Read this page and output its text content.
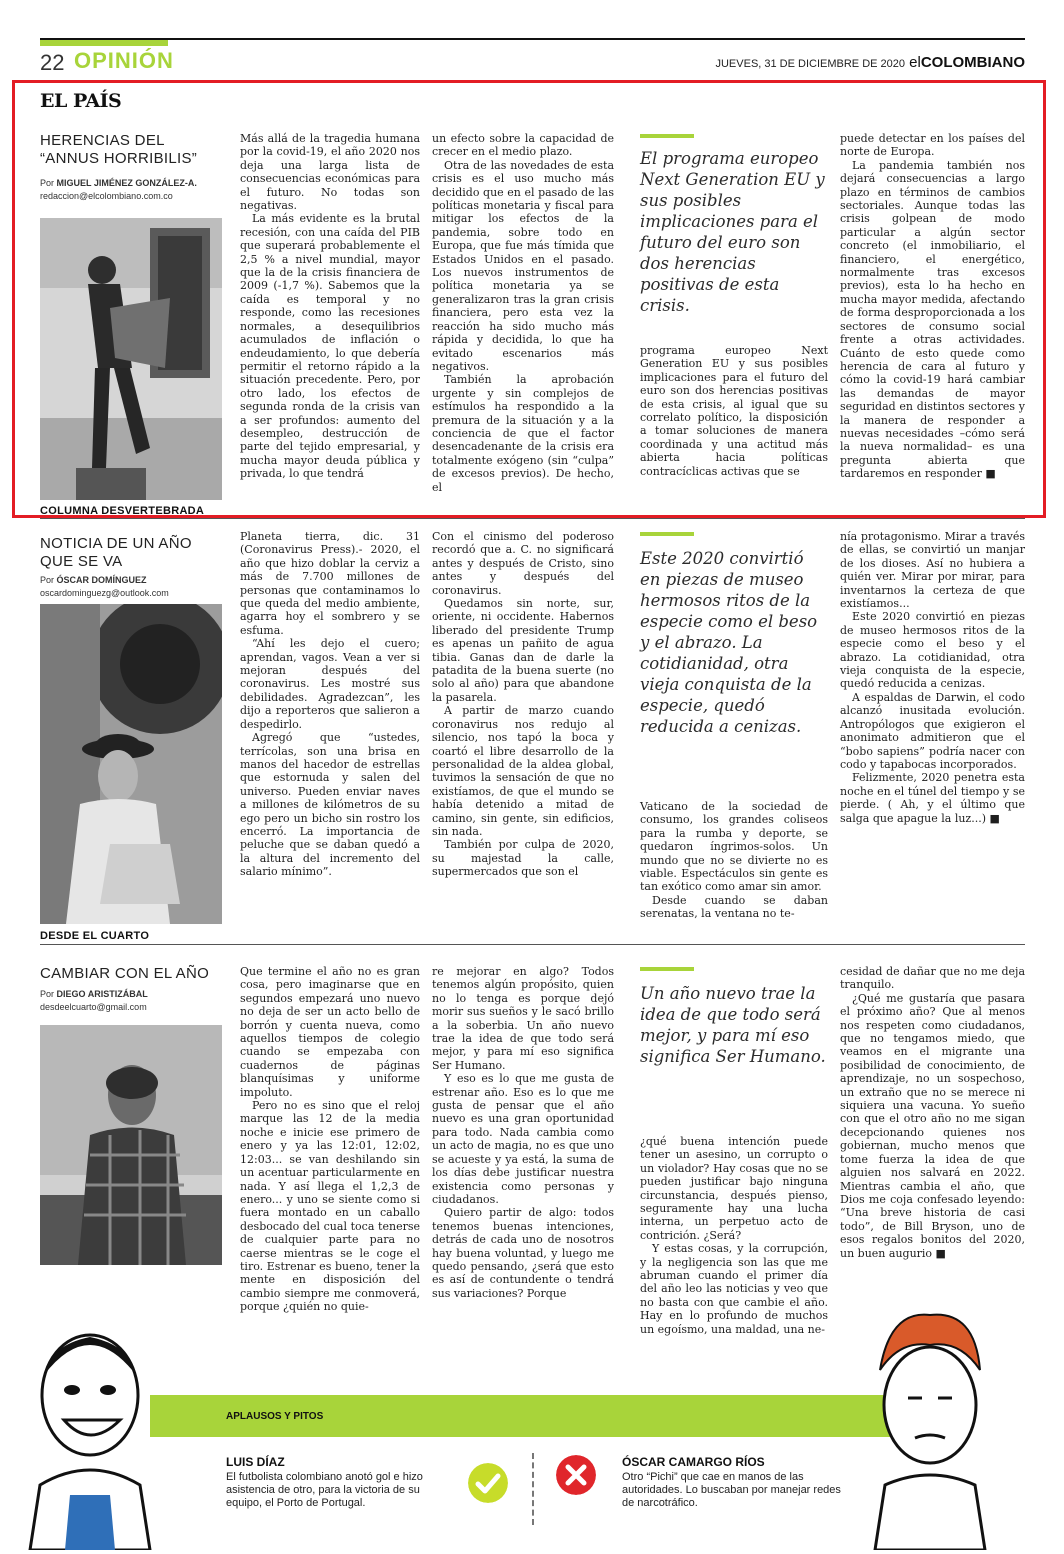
22 OPINIÓN	JUEVES, 31 DE DICIEMBRE DE 2020 elCOLOMBIANO
EL PAÍS
HERENCIAS DEL “ANNUS HORRIBILIS”
Por MIGUEL JIMÉNEZ GONZÁLEZ-A.
redaccion@elcolombiano.com.co

Más allá de la tragedia humana por la covid-19, el año 2020 nos deja una larga lista de consecuencias económicas para el futuro. No todas son negativas.

La más evidente es la brutal recesión, con una caída del PIB que superará probablemente el 2,5 % a nivel mundial, mayor que la de la crisis financiera de 2009 (-1,7 %). Sabemos que la caída es temporal y no responde, como las recesiones normales, a desequilibrios acumulados de inflación o endeudamiento, lo que debería permitir el retorno rápido a la situación precedente. Pero, por otro lado, los efectos de segunda ronda de la crisis van a ser profundos: aumento del desempleo, destrucción de parte del tejido empresarial, y mucha mayor deuda pública y privada, lo que tendrá

un efecto sobre la capacidad de crecer en el medio plazo.

Otra de las novedades de esta crisis es el uso mucho más decidido que en el pasado de las políticas monetaria y fiscal para mitigar los efectos de la pandemia, sobre todo en Europa, que fue más tímida que Estados Unidos en el pasado. Los nuevos instrumentos de política monetaria ya se generalizaron tras la gran crisis financiera, pero esta vez la reacción ha sido mucho más rápida y decidida, lo que ha evitado escenarios más negativos.

También la aprobación urgente y sin complejos de estímulos ha respondido a la premura de la situación y a la conciencia de que el factor desencadenante de la crisis era totalmente exógeno (sin “culpa” de excesos previos). De hecho, el

El programa europeo Next Generation EU y sus posibles implicaciones para el futuro del euro son dos herencias positivas de esta crisis.

programa europeo Next Generation EU y sus posibles implicaciones para el futuro del euro son dos herencias positivas de esta crisis, al igual que su correlato político, la disposición a tomar soluciones de manera coordinada y una actitud más abierta hacia políticas contracíclicas activas que se

puede detectar en los países del norte de Europa.

La pandemia también nos dejará consecuencias a largo plazo en términos de cambios sectoriales. Aunque todas las crisis golpean de modo particular a algún sector concreto (el inmobiliario, el financiero, el energético, normalmente tras excesos previos), esta lo ha hecho en mucha mayor medida, afectando de forma desproporcionada a los sectores de consumo social frente a otras actividades. Cuánto de esto quede como herencia de cara al futuro y cómo la covid-19 hará cambiar las demandas de mayor seguridad en distintos sectores y la manera de responder a nuevas necesidades –cómo será la nueva normalidad– es una pregunta abierta que tardaremos en responder ■

COLUMNA DESVERTEBRADA
NOTICIA DE UN AÑO QUE SE VA
Por ÓSCAR DOMÍNGUEZ
oscardominguezg@outlook.com

Planeta tierra, dic. 31 (Coronavirus Press).- 2020, el año que hizo doblar la cerviz a más de 7.700 millones de personas que contaminamos lo que queda del medio ambiente, agarra hoy el sombrero y se esfuma.

“Ahí les dejo el cuero; aprendan, vagos. Vean a ver si mejoran después del coronavirus. Les mostré sus debilidades. Agradezcan”, les dijo a reporteros que salieron a despedirlo.

Agregó que “ustedes, terrícolas, son una brisa en manos del hacedor de estrellas que estornuda y salen del universo. Pueden enviar naves a millones de kilómetros de su ego pero un bicho sin rostro los encerró. La importancia de peluche que se daban quedó a la altura del incremento del salario mínimo”.

Con el cinismo del poderoso recordó que a. C. no significará antes y después de Cristo, sino antes y después del coronavirus.

Quedamos sin norte, sur, oriente, ni occidente. Habernos liberado del presidente Trump es apenas un pañito de agua tibia. Ganas dan de darle la patadita de la buena suerte (no solo al año) para que abandone la pasarela.

A partir de marzo cuando coronavirus nos redujo al silencio, nos tapó la boca y coartó el libre desarrollo de la personalidad de la aldea global, tuvimos la sensación de que no existíamos, de que el mundo se había detenido a mitad de camino, sin gente, sin edificios, sin nada.

También por culpa de 2020, su majestad la calle, supermercados que son el

Este 2020 convirtió en piezas de museo hermosos ritos de la especie como el beso y el abrazo. La cotidianidad, otra vieja conquista de la especie, quedó reducida a cenizas.

Vaticano de la sociedad de consumo, los grandes coliseos para la rumba y deporte, se quedaron íngrimos-solos. Un mundo que no se divierte no es viable. Espectáculos sin gente es tan exótico como amar sin amor.

Desde cuando se daban serenatas, la ventana no te-

nía protagonismo. Mirar a través de ellas, se convirtió un manjar de los dioses. Así no hubiera a quién ver. Mirar por mirar, para inventarnos la certeza de que existíamos...

Este 2020 convirtió en piezas de museo hermosos ritos de la especie como el beso y el abrazo. La cotidianidad, otra vieja conquista de la especie, quedó reducida a cenizas.

A espaldas de Darwin, el codo alcanzó inusitada evolución. Antropólogos que exigieron el anonimato admitieron que el “bobo sapiens” podría nacer con codo y tapabocas incorporados.

Felizmente, 2020 penetra esta noche en el túnel del tiempo y se pierde. ( Ah, y el último que salga que apague la luz...) ■

DESDE EL CUARTO
CAMBIAR CON EL AÑO
Por DIEGO ARISTIZÁBAL
desdeelcuarto@gmail.com

Que termine el año no es gran cosa, pero imaginarse que en segundos empezará uno nuevo no deja de ser un acto bello de borrón y cuenta nueva, como aquellos tiempos de colegio cuando se empezaba con cuadernos de páginas blanquísimas y uniforme impoluto.

Pero no es sino que el reloj marque las 12 de la media noche e inicie ese primero de enero y ya las 12:01, 12:02, 12:03... se van deshilando sin un acentuar particularmente en nada. Y así llega el 1,2,3 de enero... y uno se siente como si fuera montado en un caballo desbocado del cual toca tenerse de cualquier parte para no caerse mientras se le coge el tiro. Estrenar es bueno, tener la mente en disposición del cambio siempre me conmoverá, porque ¿quién no quie-

re mejorar en algo? Todos tenemos algún propósito, quien no lo tenga es porque dejó morir sus sueños y le sacó brillo a la soberbia. Un año nuevo trae la idea de que todo será mejor, y para mí eso significa Ser Humano.

Y eso es lo que me gusta de estrenar año. Eso es lo que me gusta de pensar que el año nuevo es una gran oportunidad para todo. Nada cambia como un acto de magia, no es que uno se acueste y ya está, la suma de los días debe justificar nuestra existencia como personas y ciudadanos.

Quiero partir de algo: todos tenemos buenas intenciones, detrás de cada uno de nosotros hay buena voluntad, y luego me quedo pensando, ¿será que esto es así de contundente o tendrá sus variaciones? Porque

Un año nuevo trae la idea de que todo será mejor, y para mí eso significa Ser Humano.

¿qué buena intención puede tener un asesino, un corrupto o un violador? Hay cosas que no se pueden justificar bajo ninguna circunstancia, después pienso, seguramente hay una lucha interna, un perpetuo acto de contrición. ¿Será?

Y estas cosas, y la corrupción, y la negligencia son las que me abruman cuando el primer día del año leo las noticias y veo que no basta con que cambie el año. Hay en lo profundo de muchos un egoísmo, una maldad, una ne-

cesidad de dañar que no me deja tranquilo.

¿Qué me gustaría que pasara el próximo año? Que al menos nos respeten como ciudadanos, que no tengamos miedo, que veamos en el migrante una posibilidad de conocimiento, de aprendizaje, no un sospechoso, un extraño que no se merece ni siquiera una vacuna. Yo sueño con que el otro año no me sigan decepcionando quienes nos gobiernan, mucho menos que tome fuerza la idea de que alguien nos salvará en 2022. Mientras cambia el año, que Dios me coja confesado leyendo: “Una breve historia de casi todo”, de Bill Bryson, uno de esos regalos bonitos del 2020, un buen augurio ■

APLAUSOS Y PITOS
LUIS DÍAZ
El futbolista colombiano anotó gol e hizo asistencia de otro, para la victoria de su equipo, el Porto de Portugal.
ÓSCAR CAMARGO RÍOS
Otro “Pichi” que cae en manos de las autoridades. Lo buscaban por manejar redes de narcotráfico.
